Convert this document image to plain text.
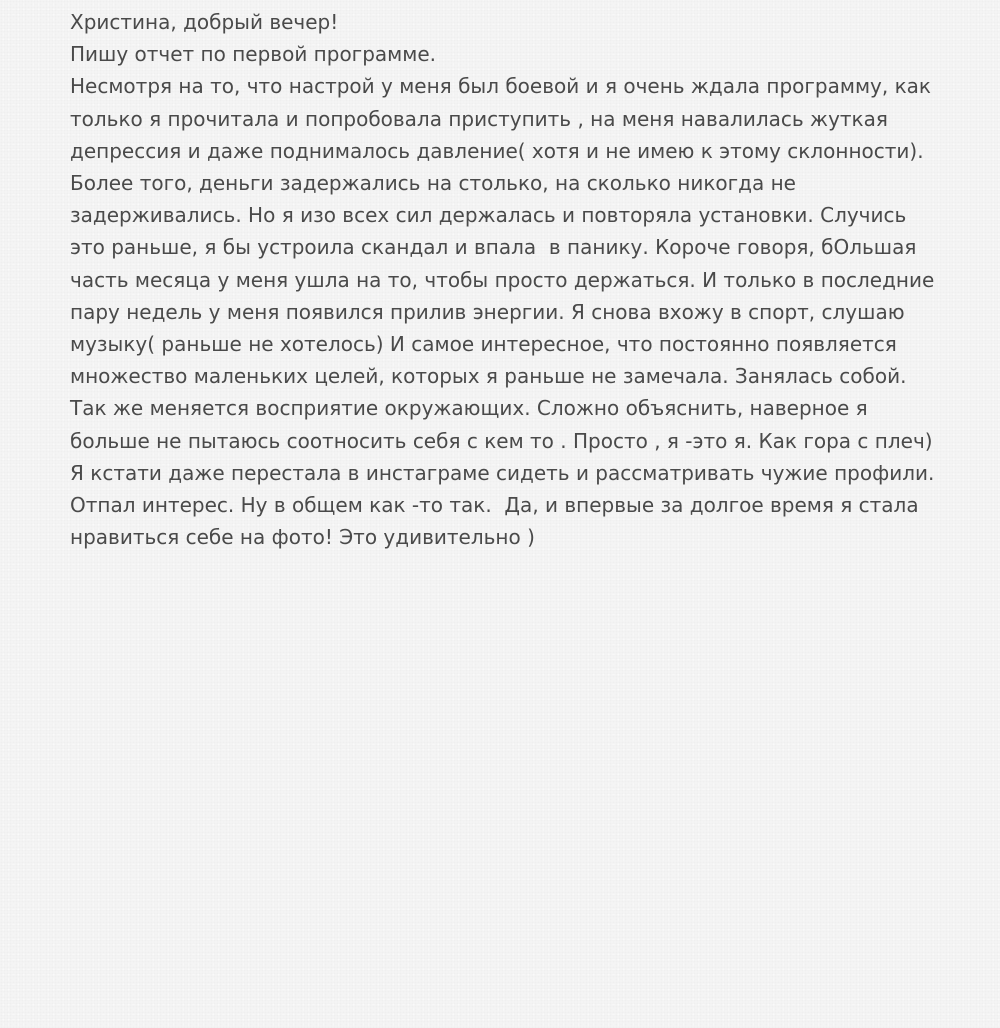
Христина, добрый вечер!
Пишу отчет по первой программе.
Несмотря на то, что настрой у меня был боевой и я очень ждала программу, как
только я прочитала и попробовала приступить , на меня навалилась жуткая
депрессия и даже поднималось давление( хотя и не имею к этому склонности).
Более того, деньги задержались на столько, на сколько никогда не
задерживались. Но я изо всех сил держалась и повторяла установки. Случись
это раньше, я бы устроила скандал и впала  в панику. Короче говоря, бОльшая
часть месяца у меня ушла на то, чтобы просто держаться. И только в последние
пару недель у меня появился прилив энергии. Я снова вхожу в спорт, слушаю
музыку( раньше не хотелось) И самое интересное, что постоянно появляется
множество маленьких целей, которых я раньше не замечала. Занялась собой.
Так же меняется восприятие окружающих. Сложно объяснить, наверное я
больше не пытаюсь соотносить себя с кем то . Просто , я -это я. Как гора с плеч)
Я кстати даже перестала в инстаграме сидеть и рассматривать чужие профили.
Отпал интерес. Ну в общем как -то так.  Да, и впервые за долгое время я стала
нравиться себе на фото! Это удивительно )
